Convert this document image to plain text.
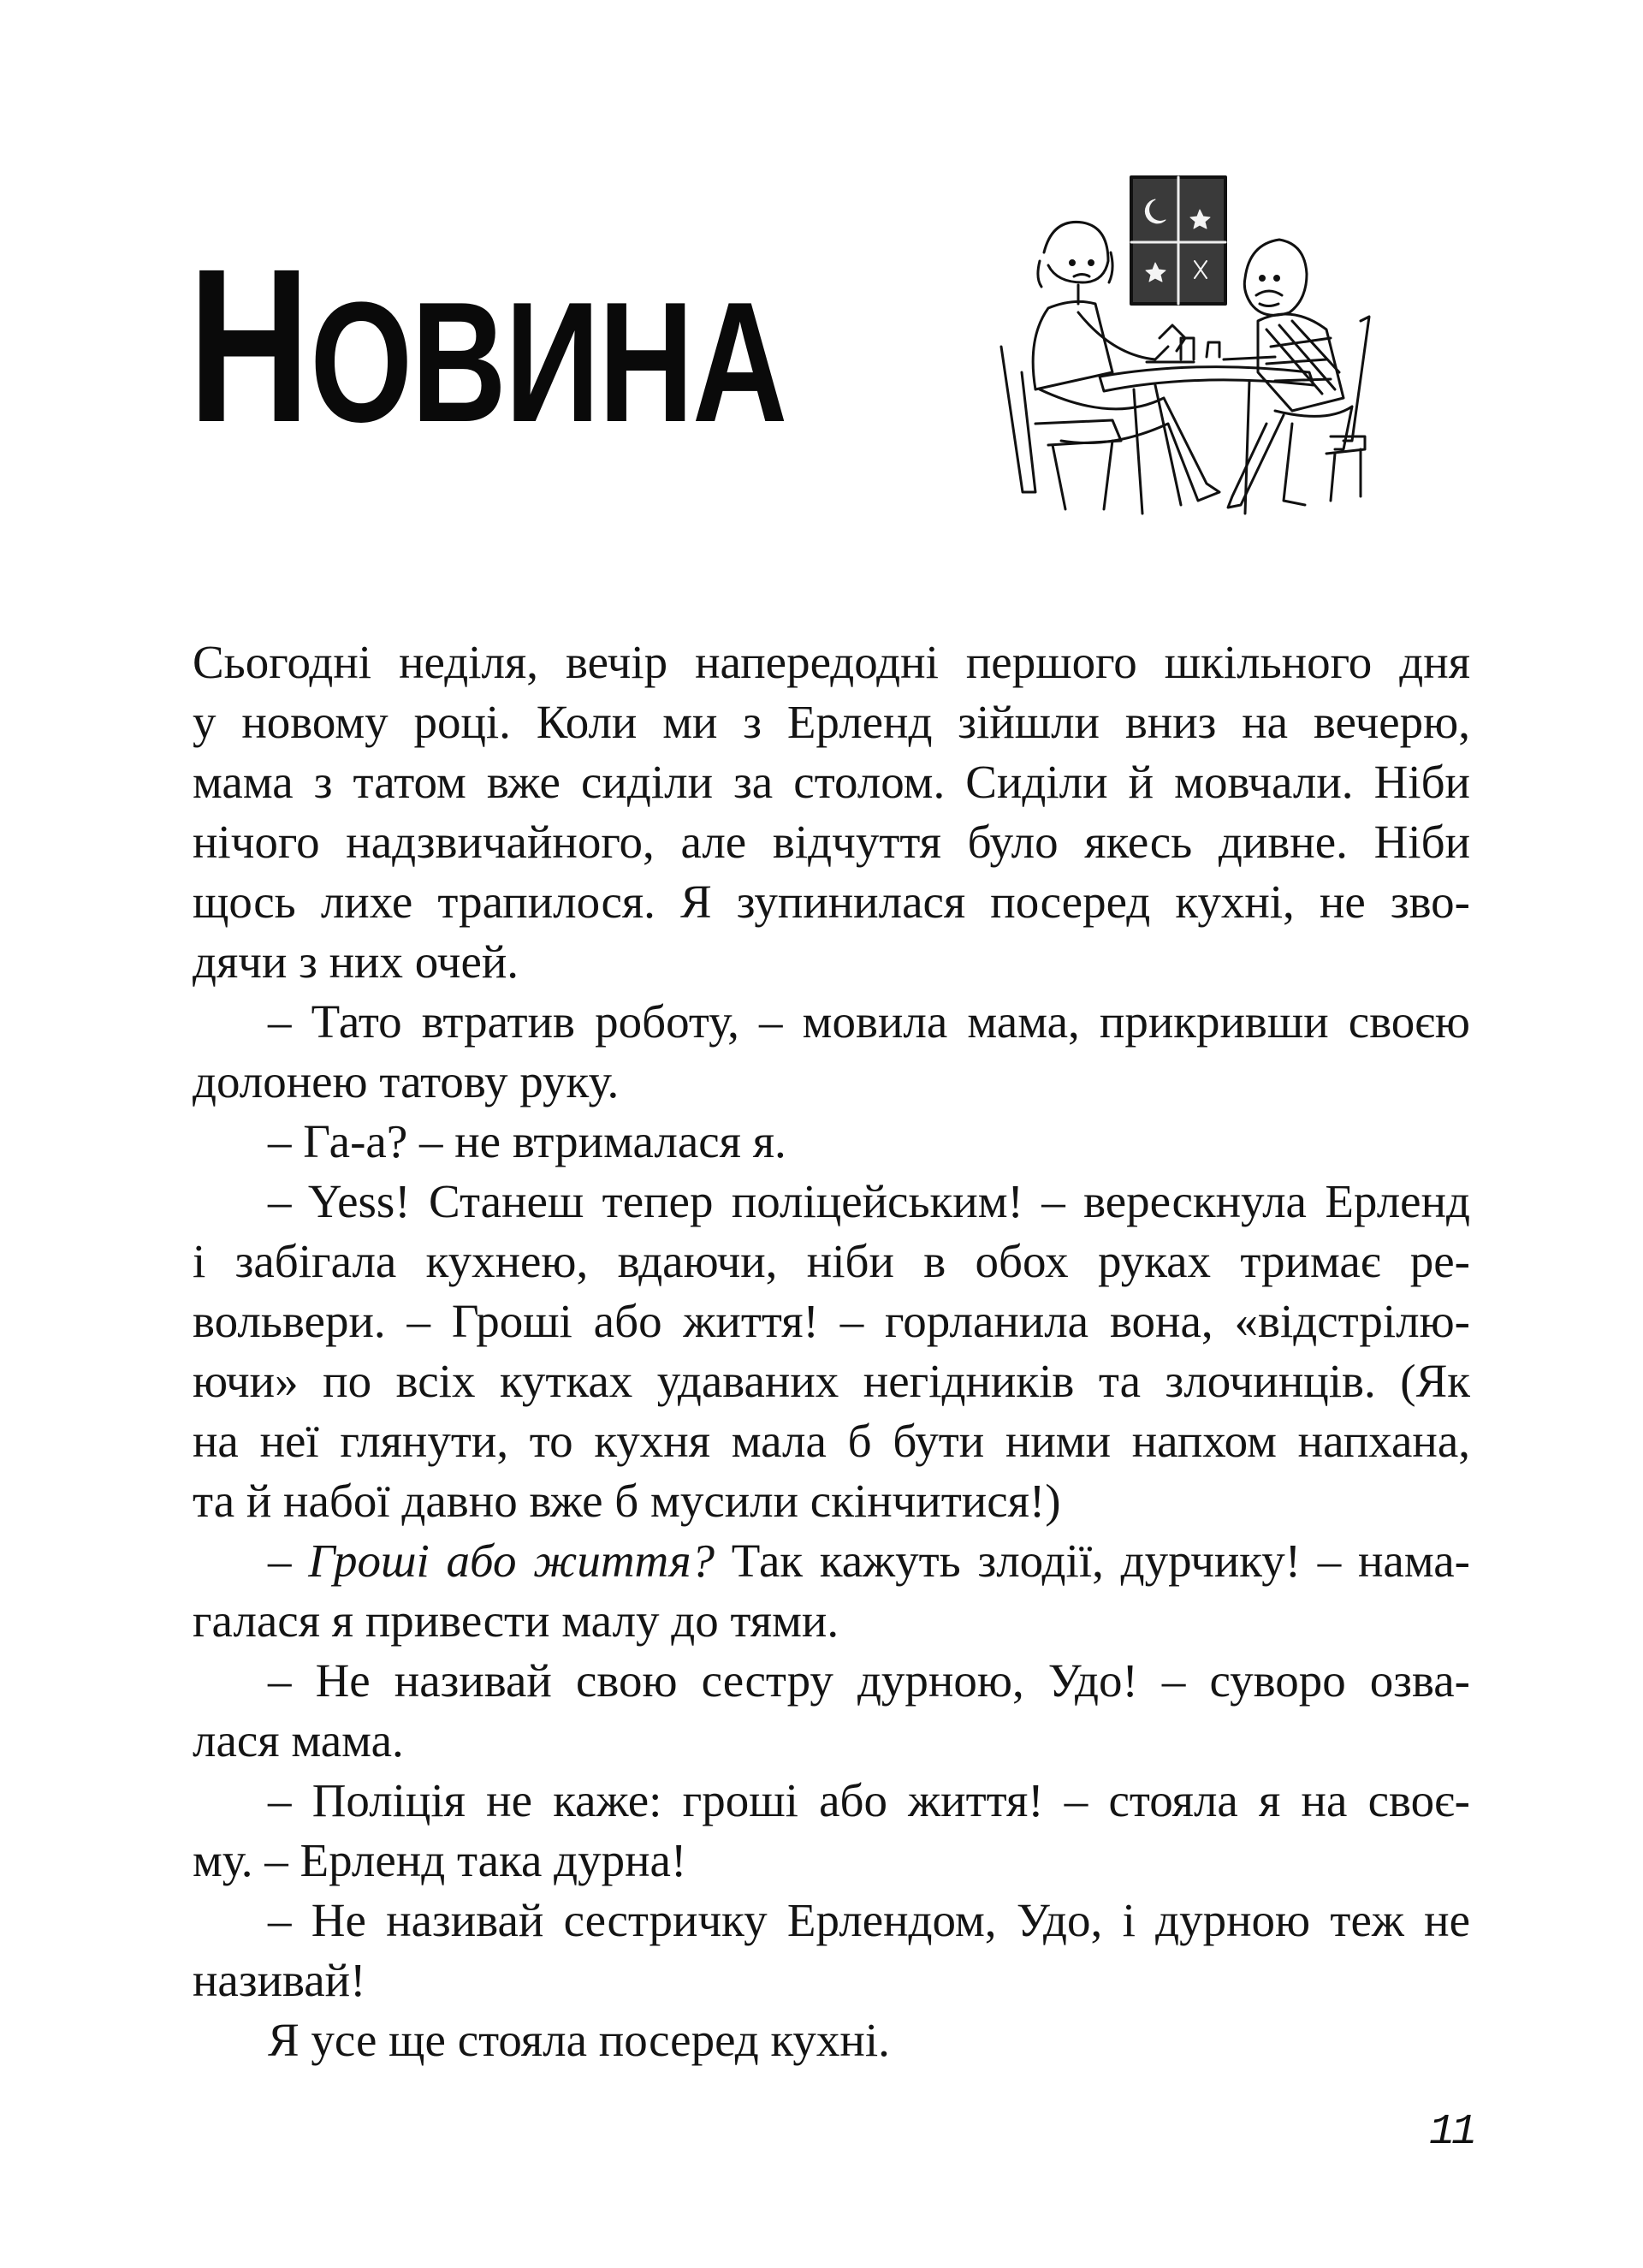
НОВИНА
Сьогодні неділя, вечір напередодні першого шкільного дня
у новому році. Коли ми з Ерленд зійшли вниз на вечерю,
мама з татом вже сиділи за столом. Сиділи й мовчали. Ніби
нічого надзвичайного, але відчуття було якесь дивне. Ніби
щось лихе трапилося. Я зупинилася посеред кухні, не зво-
дячи з них очей.
– Тато втратив роботу, – мовила мама, прикривши своєю
долонею татову руку.
– Га-а? – не втрималася я.
– Yess! Станеш тепер поліцейським! – верескнула Ерленд
і забігала кухнею, вдаючи, ніби в обох руках тримає ре-
вольвери. – Гроші або життя! – горланила вона, «відстрілю-
ючи» по всіх кутках удаваних негідників та злочинців. (Як
на неї глянути, то кухня мала б бути ними напхом напхана,
та й набої давно вже б мусили скінчитися!)
– Гроші або життя? Так кажуть злодії, дурчику! – нама-
галася я привести малу до тями.
– Не називай свою сестру дурною, Удо! – суворо озва-
лася мама.
– Поліція не каже: гроші або життя! – стояла я на своє-
му. – Ерленд така дурна!
– Не називай сестричку Ерлендом, Удо, і дурною теж не
називай!
Я усе ще стояла посеред кухні.
11
